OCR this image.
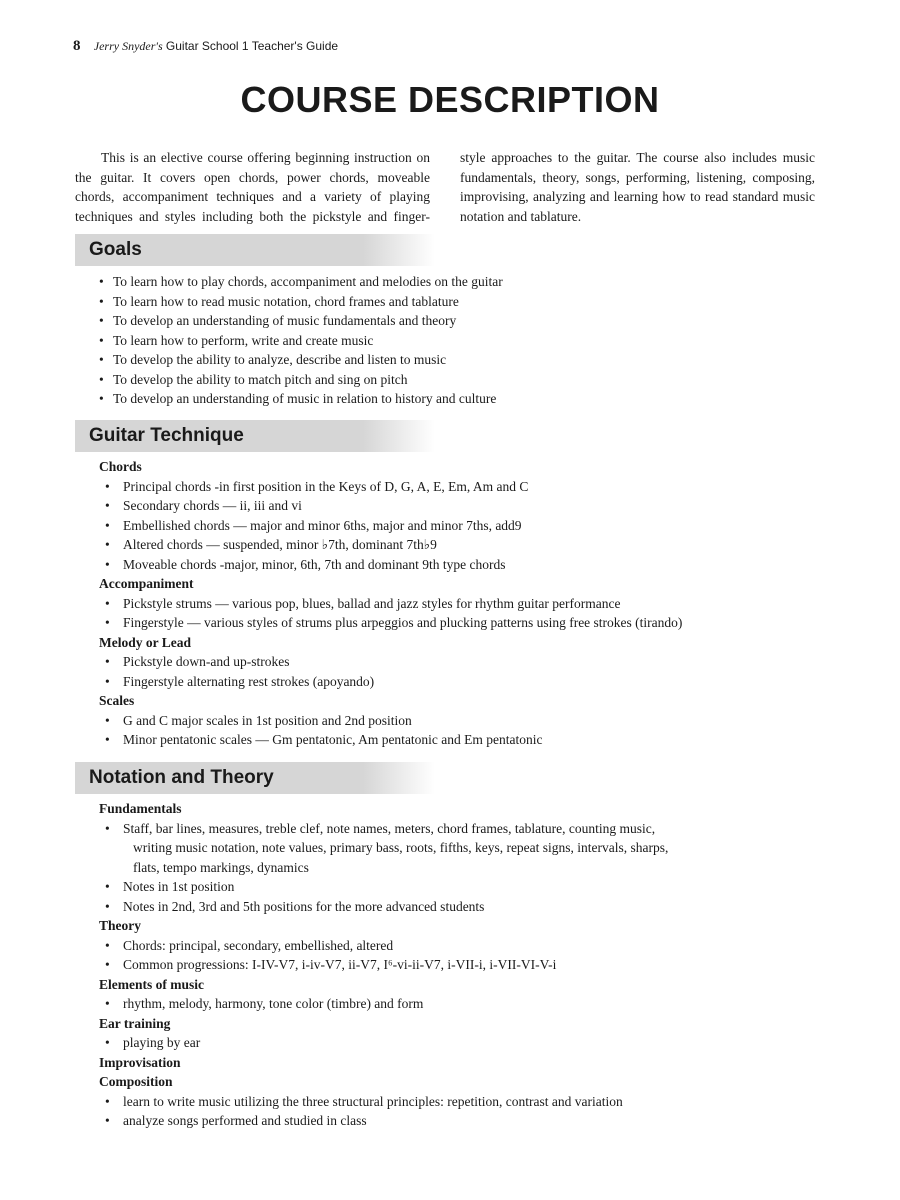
8 Jerry Snyder's Guitar School 1 Teacher's Guide
COURSE DESCRIPTION

This is an elective course offering beginning instruction on the guitar. It covers open chords, power chords, moveable chords, accompaniment techniques and a variety of playing techniques and styles including both the pickstyle and finger-style approaches to the guitar. The course also includes music fundamentals, theory, songs, performing, listening, composing, improvising, analyzing and learning how to read standard music notation and tablature.

Goals
• To learn how to play chords, accompaniment and melodies on the guitar
• To learn how to read music notation, chord frames and tablature
• To develop an understanding of music fundamentals and theory
• To learn how to perform, write and create music
• To develop the ability to analyze, describe and listen to music
• To develop the ability to match pitch and sing on pitch
• To develop an understanding of music in relation to history and culture
Guitar Technique
Chords
• Principal chords -in first position in the Keys of D, G, A, E, Em, Am and C
• Secondary chords — ii, iii and vi
• Embellished chords — major and minor 6ths, major and minor 7ths, add9
• Altered chords — suspended, minor ♭7th, dominant 7th♭9
• Moveable chords -major, minor, 6th, 7th and dominant 9th type chords
Accompaniment
• Pickstyle strums — various pop, blues, ballad and jazz styles for rhythm guitar performance
• Fingerstyle — various styles of strums plus arpeggios and plucking patterns using free strokes (tirando)
Melody or Lead
• Pickstyle down-and up-strokes
• Fingerstyle alternating rest strokes (apoyando)
Scales
• G and C major scales in 1st position and 2nd position
• Minor pentatonic scales — Gm pentatonic, Am pentatonic and Em pentatonic
Notation and Theory
Fundamentals
• Staff, bar lines, measures, treble clef, note names, meters, chord frames, tablature, counting music,
writing music notation, note values, primary bass, roots, fifths, keys, repeat signs, intervals, sharps,
flats, tempo markings, dynamics
• Notes in 1st position
• Notes in 2nd, 3rd and 5th positions for the more advanced students
Theory
• Chords: principal, secondary, embellished, altered
• Common progressions: I-IV-V7, i-iv-V7, ii-V7, I⁶-vi-ii-V7, i-VII-i, i-VII-VI-V-i
Elements of music
• rhythm, melody, harmony, tone color (timbre) and form
Ear training
• playing by ear
Improvisation
Composition
• learn to write music utilizing the three structural principles: repetition, contrast and variation
• analyze songs performed and studied in class
